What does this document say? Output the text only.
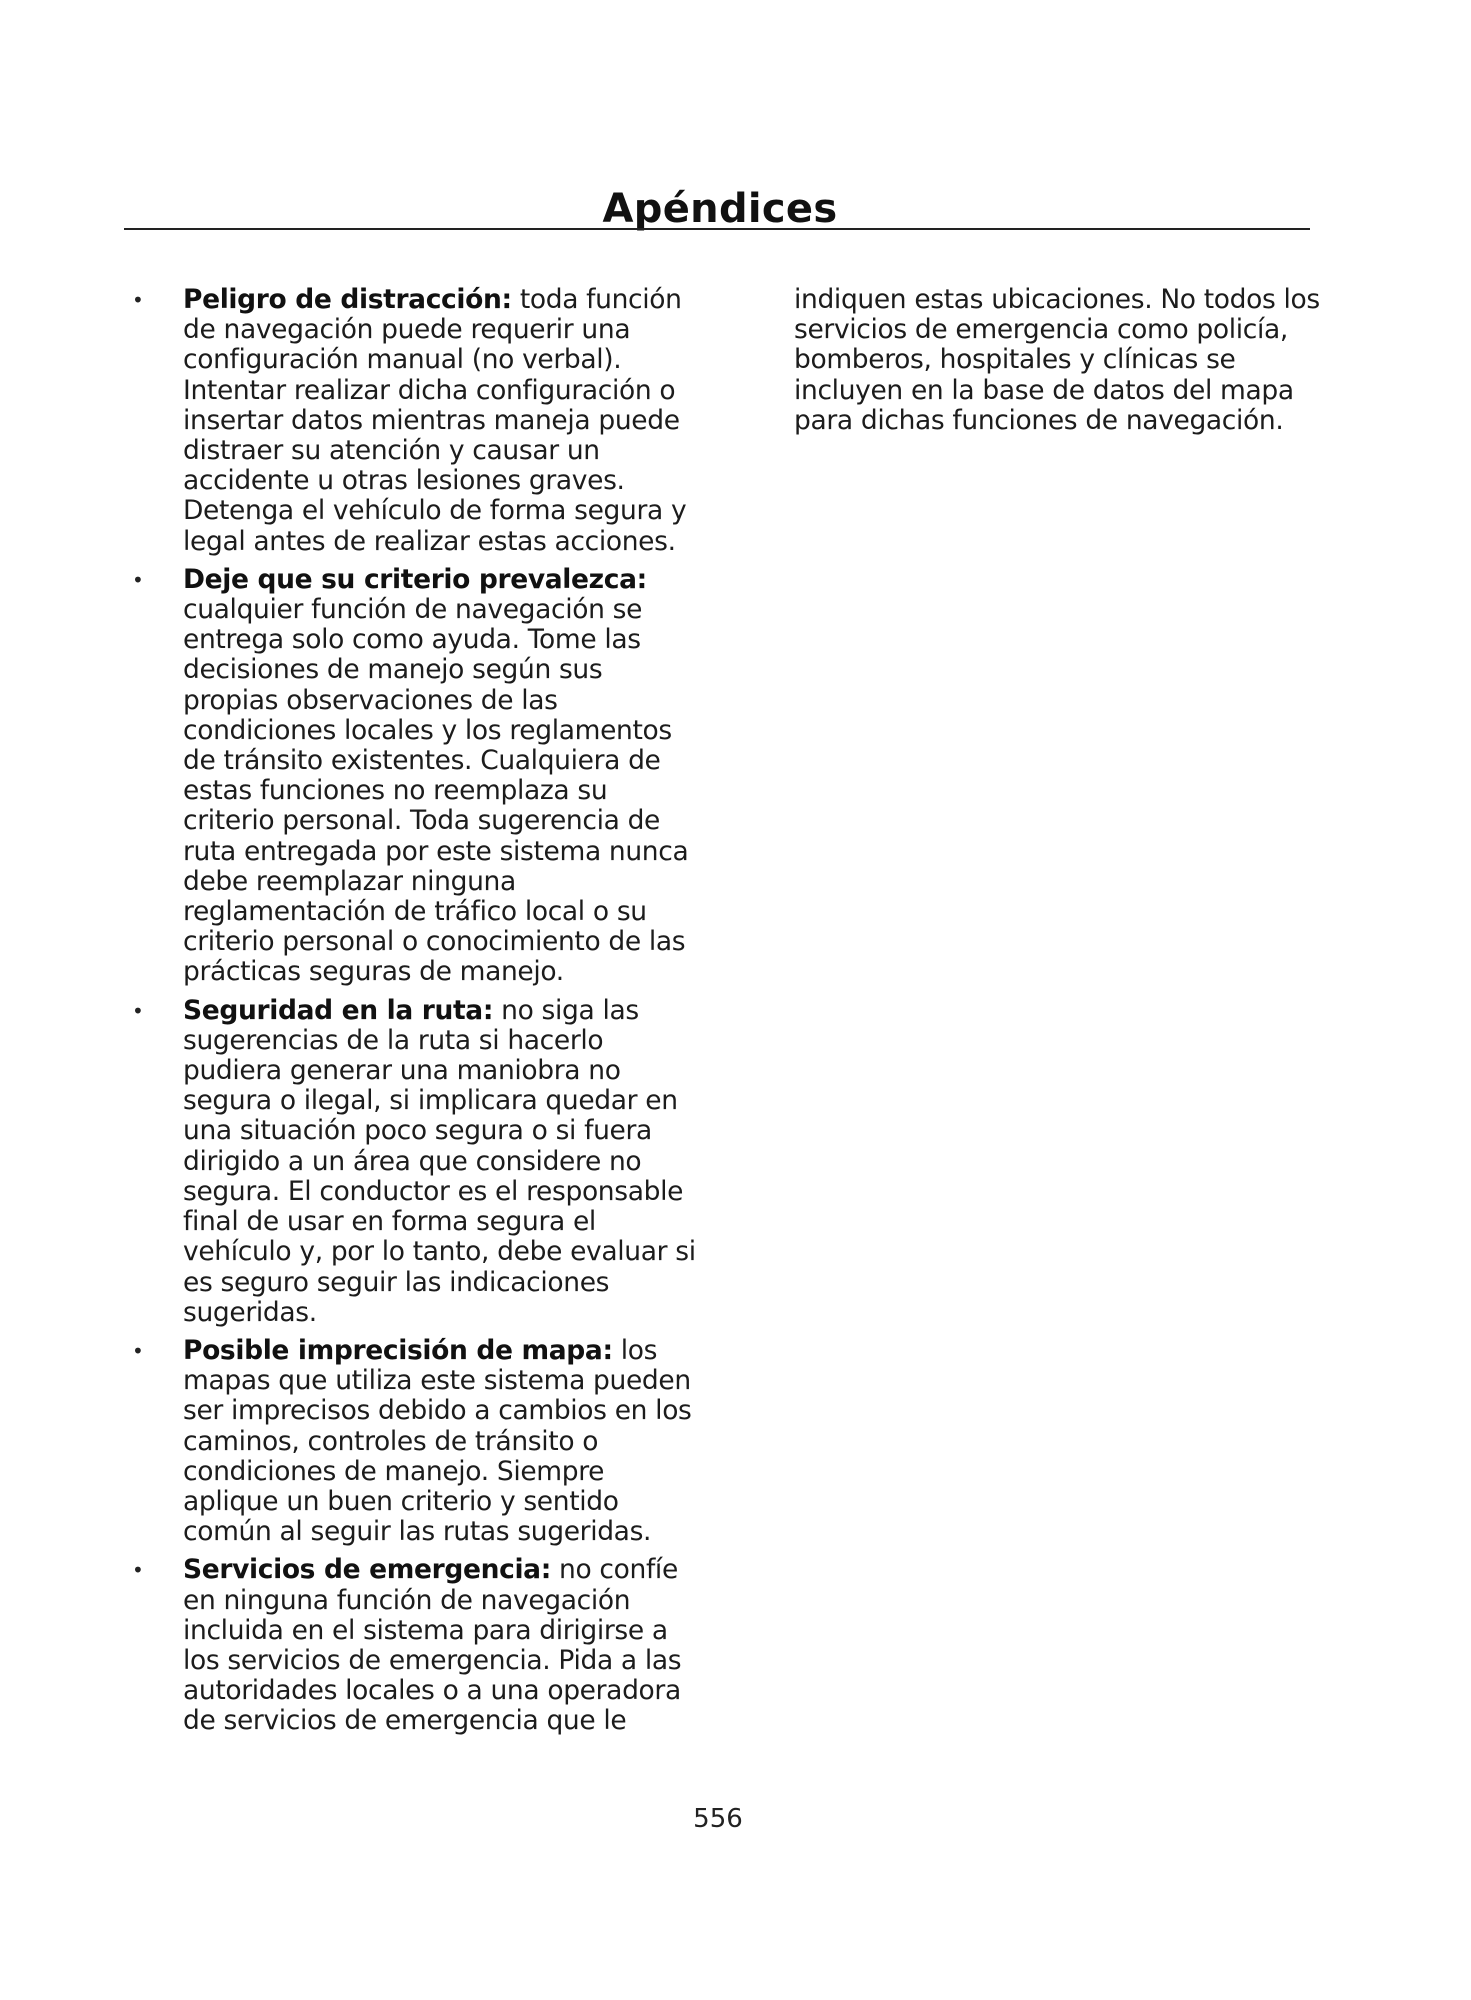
Apéndices
• Peligro de distracción: toda función de navegación puede requerir una configuración manual (no verbal). Intentar realizar dicha configuración o insertar datos mientras maneja puede distraer su atención y causar un accidente u otras lesiones graves. Detenga el vehículo de forma segura y legal antes de realizar estas acciones.
• Deje que su criterio prevalezca: cualquier función de navegación se entrega solo como ayuda. Tome las decisiones de manejo según sus propias observaciones de las condiciones locales y los reglamentos de tránsito existentes. Cualquiera de estas funciones no reemplaza su criterio personal. Toda sugerencia de ruta entregada por este sistema nunca debe reemplazar ninguna reglamentación de tráfico local o su criterio personal o conocimiento de las prácticas seguras de manejo.
• Seguridad en la ruta: no siga las sugerencias de la ruta si hacerlo pudiera generar una maniobra no segura o ilegal, si implicara quedar en una situación poco segura o si fuera dirigido a un área que considere no segura. El conductor es el responsable final de usar en forma segura el vehículo y, por lo tanto, debe evaluar si es seguro seguir las indicaciones sugeridas.
• Posible imprecisión de mapa: los mapas que utiliza este sistema pueden ser imprecisos debido a cambios en los caminos, controles de tránsito o condiciones de manejo. Siempre aplique un buen criterio y sentido común al seguir las rutas sugeridas.
• Servicios de emergencia: no confíe en ninguna función de navegación incluida en el sistema para dirigirse a los servicios de emergencia. Pida a las autoridades locales o a una operadora de servicios de emergencia que le

indiquen estas ubicaciones. No todos los servicios de emergencia como policía, bomberos, hospitales y clínicas se incluyen en la base de datos del mapa para dichas funciones de navegación.

556
